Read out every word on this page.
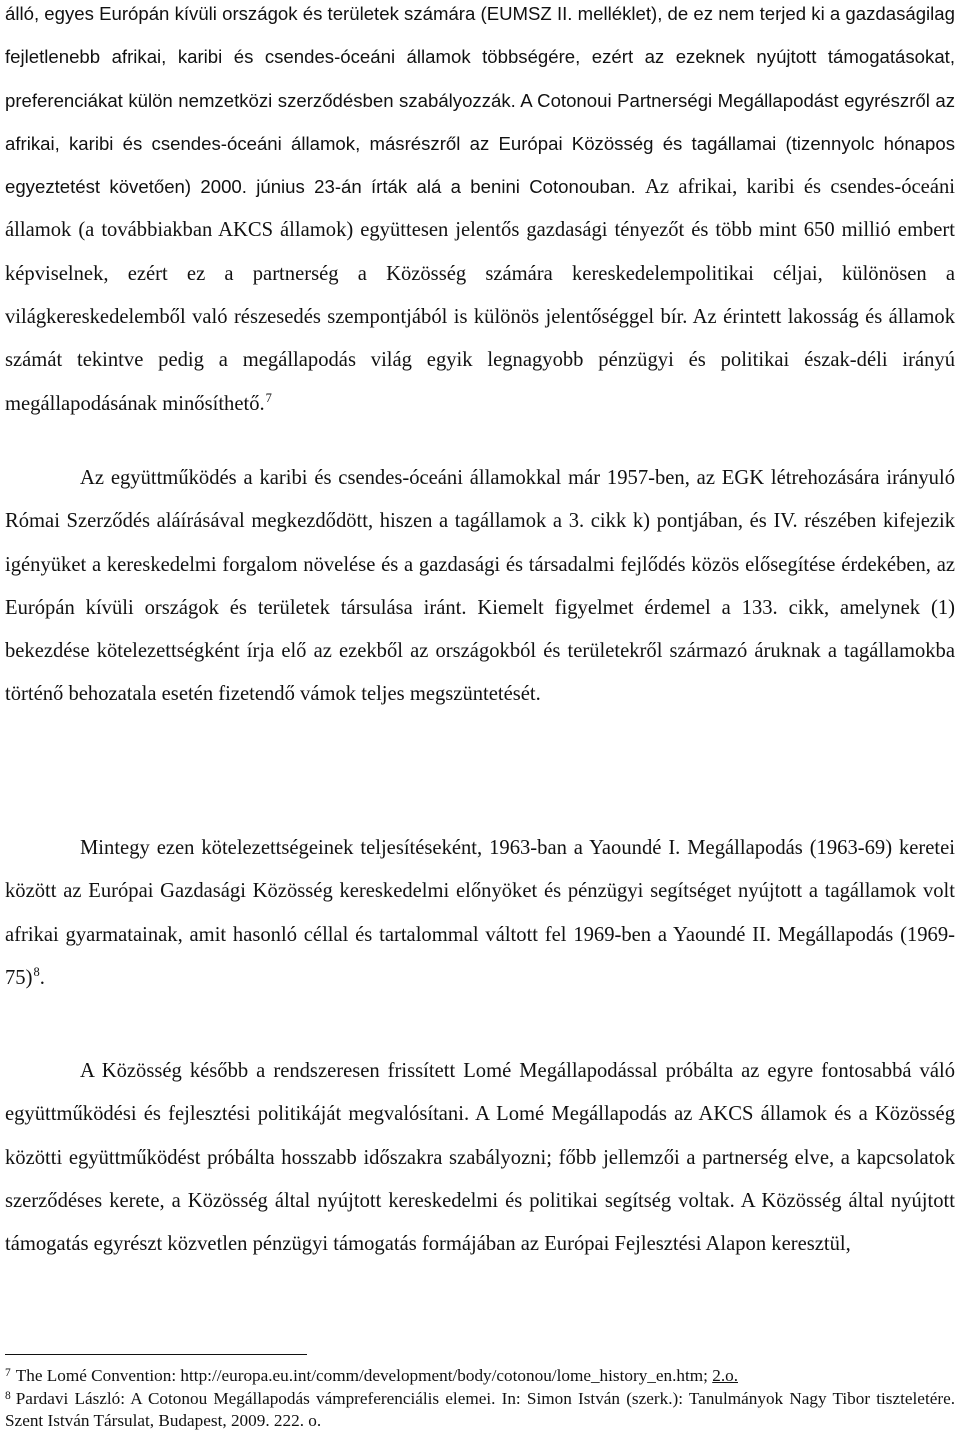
álló, egyes Európán kívüli országok és területek számára (EUMSZ II. melléklet), de ez nem terjed ki a gazdaságilag fejletlenebb afrikai, karibi és csendes-óceáni államok többségére, ezért az ezeknek nyújtott támogatásokat, preferenciákat külön nemzetközi szerződésben szabályozzák. A Cotonoui Partnerségi Megállapodást egyrészről az afrikai, karibi és csendes-óceáni államok, másrészről az Európai Közösség és tagállamai (tizennyolc hónapos egyeztetést követően) 2000. június 23-án írták alá a benini Cotonouban. Az afrikai, karibi és csendes-óceáni államok (a továbbiakban AKCS államok) együttesen jelentős gazdasági tényezőt és több mint 650 millió embert képviselnek, ezért ez a partnerség a Közösség számára kereskedelempolitikai céljai, különösen a világkereskedelemből való részesedés szempontjából is különös jelentőséggel bír. Az érintett lakosság és államok számát tekintve pedig a megállapodás világ egyik legnagyobb pénzügyi és politikai észak-déli irányú megállapodásának minősíthető.$^7$

Az együttműködés a karibi és csendes-óceáni államokkal már 1957-ben, az EGK létrehozására irányuló Római Szerződés aláírásával megkezdődött, hiszen a tagállamok a 3. cikk k) pontjában, és IV. részében kifejezik igényüket a kereskedelmi forgalom növelése és a gazdasági és társadalmi fejlődés közös elősegítése érdekében, az Európán kívüli országok és területek társulása iránt. Kiemelt figyelmet érdemel a 133. cikk, amelynek (1) bekezdése kötelezettségként írja elő az ezekből az országokból és területekről származó áruknak a tagállamokba történő behozatala esetén fizetendő vámok teljes megszüntetését.

Mintegy ezen kötelezettségeinek teljesítéseként, 1963-ban a Yaoundé I. Megállapodás (1963-69) keretei között az Európai Gazdasági Közösség kereskedelmi előnyöket és pénzügyi segítséget nyújtott a tagállamok volt afrikai gyarmatainak, amit hasonló céllal és tartalommal váltott fel 1969-ben a Yaoundé II. Megállapodás (1969-75)$^8$.

A Közösség később a rendszeresen frissített Lomé Megállapodással próbálta az egyre fontosabbá váló együttműködési és fejlesztési politikáját megvalósítani. A Lomé Megállapodás az AKCS államok és a Közösség közötti együttműködést próbálta hosszabb időszakra szabályozni; főbb jellemzői a partnerség elve, a kapcsolatok szerződéses kerete, a Közösség által nyújtott kereskedelmi és politikai segítség voltak. A Közösség által nyújtott támogatás egyrészt közvetlen pénzügyi támogatás formájában az Európai Fejlesztési Alapon keresztül,

$^7$ The Lomé Convention: http://europa.eu.int/comm/development/body/cotonou/lome_history_en.htm; 2.o.

$^8$ Pardavi László: A Cotonou Megállapodás vámpreferenciális elemei. In: Simon István (szerk.): Tanulmányok Nagy Tibor tiszteletére. Szent István Társulat, Budapest, 2009. 222. o.
